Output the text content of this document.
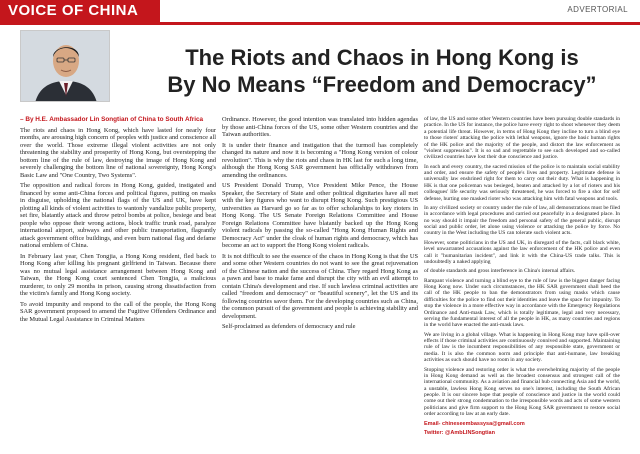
VOICE OF CHINA	ADVERTORIAL
The Riots and Chaos in Hong Kong is
By No Means “Freedom and Democracy”

– By H.E. Ambassador Lin Songtian of China to South Africa

The riots and chaos in Hong Kong, which have lasted for nearly four months, are arousing high concern of peoples with justice and conscience all over the world. Those extreme illegal violent activities are not only threatening the stability and prosperity of Hong Kong, but overstepping the bottom line of the rule of law, destroying the image of Hong Kong and severely challenging the bottom line of national sovereignty, Hong Kong's Basic Law and "One Country, Two Systems".

The opposition and radical forces in Hong Kong, guided, instigated and financed by some anti-China forces and political figures, putting on masks in disguise, upholding the national flags of the US and UK, have kept plotting all kinds of violent activities to wantonly vandalize public property, set fire, blatantly attack and throw petrol bombs at police, besiege and beat people who oppose their wrong actions, block traffic trunk road, paralyze international airport, subways and other public transportation, flagrantly attack government office buildings, and even burn national flag and defame national emblem of China.

In February last year, Chen Tongjia, a Hong Kong resident, fled back to Hong Kong after killing his pregnant girlfriend in Taiwan. Because there was no mutual legal assistance arrangement between Hong Kong and Taiwan, the Hong Kong court sentenced Chen Tongjia, a malicious murderer, to only 29 months in prison, causing strong dissatisfaction from the victim's family and Hong Kong society.

To avoid impunity and respond to the call of the people, the Hong Kong SAR government proposed to amend the Fugitive Offenders Ordinance and the Mutual Legal Assistance in Criminal Matters

Ordinance. However, the good intention was translated into hidden agendas by those anti-China forces of the US, some other Western countries and the Taiwan authorities.

It is under their finance and instigation that the turmoil has completely changed its nature and now it is becoming a "Hong Kong version of colour revolution". This is why the riots and chaos in HK last for such a long time, although the Hong Kong SAR government has officially withdrawn from amending the ordinances.

US President Donald Trump, Vice President Mike Pence, the House Speaker, the Secretary of State and other political dignitaries have all met with the key figures who want to disrupt Hong Kong. Such prestigious US universities as Harvard go so far as to offer scholarships to key rioters in Hong Kong. The US Senate Foreign Relations Committee and House Foreign Relations Committee have blatantly backed up the Hong Kong violent radicals by passing the so-called "Hong Kong Human Rights and Democracy Act" under the cloak of human rights and democracy, which has become an act to support the Hong Kong violent radicals.

It is not difficult to see the essence of the chaos in Hong Kong is that the US and some other Western countries do not want to see the great rejuvenation of the Chinese nation and the success of China. They regard Hong Kong as a pawn and base to make fame and disrupt the city with an evil attempt to contain China's development and rise. If such lawless criminal activities are called "freedom and democracy" or "beautiful scenery", let the US and its following countries savor them. For the developing countries such as China, the common pursuit of the government and people is achieving stability and development.

Self-proclaimed as defenders of democracy and rule

of law, the US and some other Western countries have been pursuing double standards in practice. In the US for instance, the police have every right to shoot whenever they deem a potential life threat. However, in terms of Hong Kong they incline to turn a blind eye to those rioters' attacking the police with lethal weapons, ignore the basic human rights of the HK police and the majority of the people, and distort the law enforcement as "violent suppression". It is so sad and regrettable to see such developed and so-called civilized countries have lost their due conscience and justice.

In each and every country, the sacred mission of the police is to maintain social stability and order, and ensure the safety of people's lives and property. Legitimate defense is universally law enshrined right for them to carry out their duty. What is happening in HK is that one policeman was besieged, beaten and attacked by a lot of rioters and his colleagues' life security was seriously threatened, he was forced to fire a shot for self defense, hurting one masked rioter who was attacking him with fatal weapons and tools.

In any civilized society or country under the rule of law, all demonstrations must be filed in accordance with legal procedures and carried out peacefully in a designated place. In no way should it impair the freedom and personal safety of the general public, disrupt social and public order, let alone using violence or attacking the police by force. No country in the West including the US can tolerate such violent acts.

However, some politicians in the US and UK, in disregard of the facts, call black white, level unwarranted accusations against the law enforcement of the HK police and even call it "humanitarian incident", and link it with the China-US trade talks. This is undoubtedly a naked applying

of double standards and gross interference in China's internal affairs.

Rampant violence and turning a blind eye to the rule of law is the biggest danger facing Hong Kong now. Under such circumstances, the HK SAR government shall heed the call of the HK people to ban the demonstrators from using masks which cause difficulties for the police to find out their identities and leave the space for impunity. To stop the violence in a more effective way in accordance with the Emergency Regulations Ordinance and Anti-mask Law, which is totally legitimate, legal and very necessary, serving the fundamental interest of all the people in HK, as many countries and regions in the world have enacted the anti-mask laws.

We are living in a global village. What is happening in Hong Kong may have spill-over effects if those criminal activities are continuously connived and supported. Maintaining rule of law is the incumbent responsibilities of any responsible state, government or media. It is also the common norm and principle that anti-humane, law breaking activities as such should have no room in any society.

Stopping violence and restoring order is what the overwhelming majority of the people in Hong Kong demand as well as the broadest consensus and strongest call of the international community. As a aviation and financial hub connecting Asia and the world, a unstable, lawless Hong Kong serves no one's interest, including the South African people. It is our sincere hope that people of conscience and justice in the world could come out their strong condemnation to the irresponsible words and acts of some western politicians and give firm support to the Hong Kong SAR government to restore social order according to law at an early date.

Email- chineseembassysa@gmail.com

Twitter: @AmbLINSongtian
